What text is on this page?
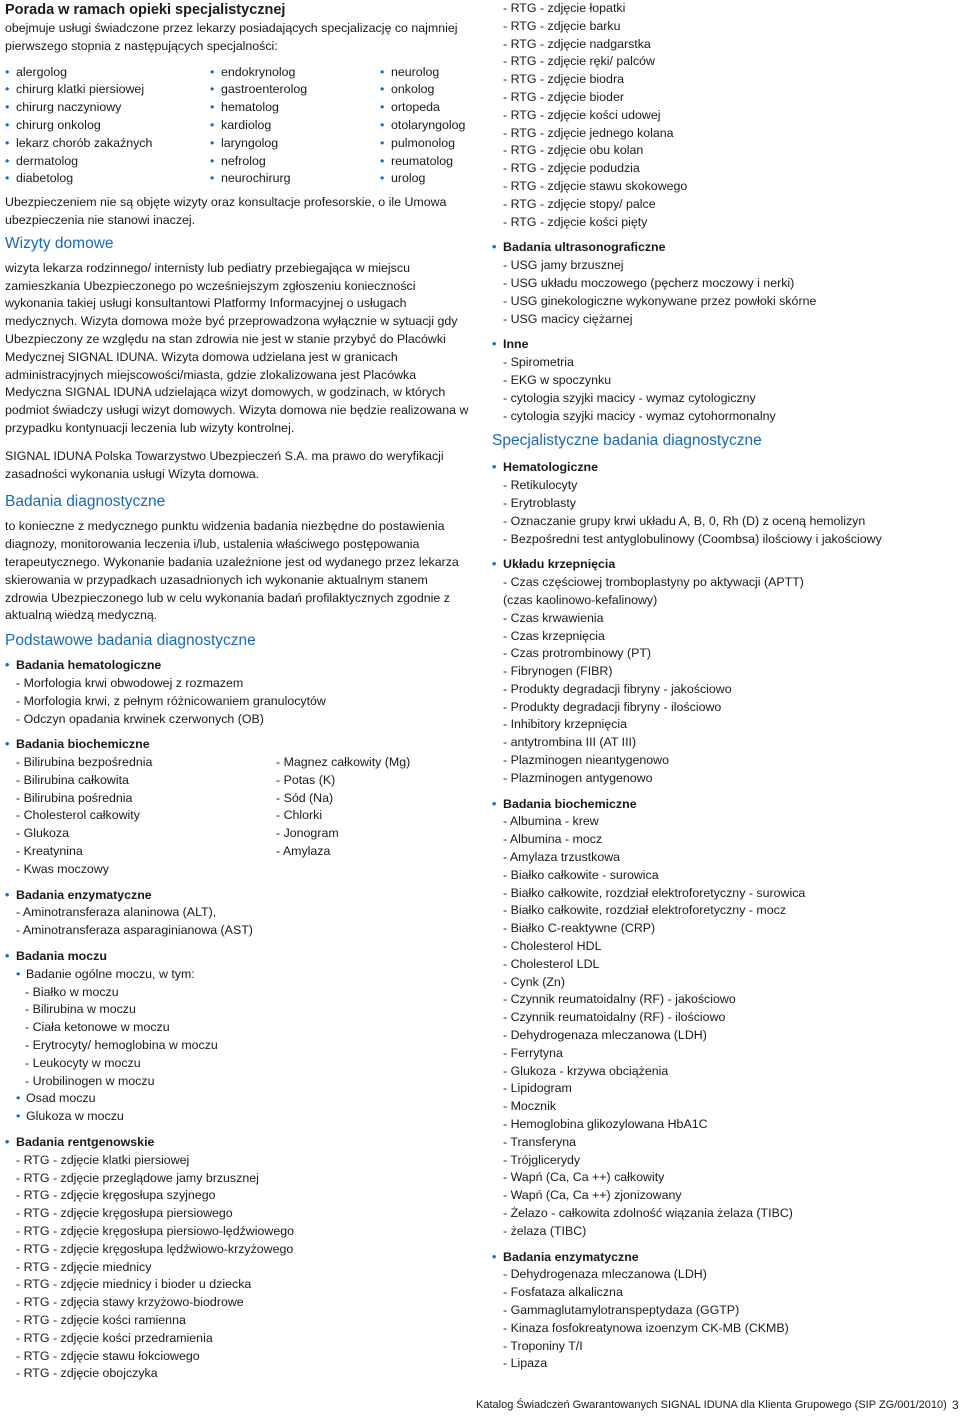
Porada w ramach opieki specjalistycznej

obejmuje usługi świadczone przez lekarzy posiadających specjalizację co najmniej pierwszego stopnia z następujących specjalności:

• alergolog
• chirurg klatki piersiowej
• chirurg naczyniowy
• chirurg onkolog
• lekarz chorób zakaźnych
• dermatolog
• diabetolog
• endokrynolog
• gastroenterolog
• hematolog
• kardiolog
• laryngolog
• nefrolog
• neurochirurg
• neurolog
• onkolog
• ortopeda
• otolaryngolog
• pulmonolog
• reumatolog
• urolog

Ubezpieczeniem nie są objęte wizyty oraz konsultacje profesorskie, o ile Umowa ubezpieczenia nie stanowi inaczej.

Wizyty domowe

wizyta lekarza rodzinnego/ internisty lub pediatry przebiegająca w miejscu zamieszkania Ubezpieczonego po wcześniejszym zgłoszeniu konieczności wykonania takiej usługi konsultantowi Platformy Informacyjnej o usługach medycznych. Wizyta domowa może być przeprowadzona wyłącznie w sytuacji gdy Ubezpieczony ze względu na stan zdrowia nie jest w stanie przybyć do Placówki Medycznej SIGNAL IDUNA. Wizyta domowa udzielana jest w granicach administracyjnych miejscowości/miasta, gdzie zlokalizowana jest Placówka Medyczna SIGNAL IDUNA udzielająca wizyt domowych, w godzinach, w których podmiot świadczy usługi wizyt domowych. Wizyta domowa nie będzie realizowana w przypadku kontynuacji leczenia lub wizyty kontrolnej.

SIGNAL IDUNA Polska Towarzystwo Ubezpieczeń S.A. ma prawo do weryfikacji zasadności wykonania usługi Wizyta domowa.

Badania diagnostyczne

to konieczne z medycznego punktu widzenia badania niezbędne do postawienia diagnozy, monitorowania leczenia i/lub, ustalenia właściwego postępowania terapeutycznego. Wykonanie badania uzależnione jest od wydanego przez lekarza skierowania w przypadkach uzasadnionych ich wykonanie aktualnym stanem zdrowia Ubezpieczonego lub w celu wykonania badań profilaktycznych zgodnie z aktualną wiedzą medyczną.

Podstawowe badania diagnostyczne
• Badania hematologiczne
- Morfologia krwi obwodowej z rozmazem
- Morfologia krwi, z pełnym różnicowaniem granulocytów
- Odczyn opadania krwinek czerwonych (OB)
• Badania biochemiczne
- Bilirubina bezpośrednia
- Bilirubina całkowita
- Bilirubina pośrednia
- Cholesterol całkowity
- Glukoza
- Kreatynina
- Kwas moczowy
- Magnez całkowity (Mg)
- Potas (K)
- Sód (Na)
- Chlorki
- Jonogram
- Amylaza
• Badania enzymatyczne
- Aminotransferaza alaninowa (ALT),
- Aminotransferaza asparaginianowa (AST)
• Badania moczu
• Badanie ogólne moczu, w tym:
- Białko w moczu
- Bilirubina w moczu
- Ciała ketonowe w moczu
- Erytrocyty/ hemoglobina w moczu
- Leukocyty w moczu
- Urobilinogen w moczu
• Osad moczu
• Glukoza w moczu
• Badania rentgenowskie
- RTG - zdjęcie klatki piersiowej
- RTG - zdjęcie przeglądowe jamy brzusznej
- RTG - zdjęcie kręgosłupa szyjnego
- RTG - zdjęcie kręgosłupa piersiowego
- RTG - zdjęcie kręgosłupa piersiowo-lędźwiowego
- RTG - zdjęcie kręgosłupa lędźwiowo-krzyżowego
- RTG - zdjęcie miednicy
- RTG - zdjęcie miednicy i bioder u dziecka
- RTG - zdjęcia stawy krzyżowo-biodrowe
- RTG - zdjęcie kości ramienna
- RTG - zdjęcie kości przedramienia
- RTG - zdjęcie stawu łokciowego
- RTG - zdjęcie obojczyka
- RTG - zdjęcie łopatki
- RTG - zdjęcie barku
- RTG - zdjęcie nadgarstka
- RTG - zdjęcie ręki/ palców
- RTG - zdjęcie biodra
- RTG - zdjęcie bioder
- RTG - zdjęcie kości udowej
- RTG - zdjęcie jednego kolana
- RTG - zdjęcie obu kolan
- RTG - zdjęcie podudzia
- RTG - zdjęcie stawu skokowego
- RTG - zdjęcie stopy/ palce
- RTG - zdjęcie kości pięty
• Badania ultrasonograficzne
- USG jamy brzusznej
- USG układu moczowego (pęcherz moczowy i nerki)
- USG ginekologiczne wykonywane przez powłoki skórne
- USG macicy ciężarnej
• Inne
- Spirometria
- EKG w spoczynku
- cytologia szyjki macicy - wymaz cytologiczny
- cytologia szyjki macicy - wymaz cytohormonalny
Specjalistyczne badania diagnostyczne
• Hematologiczne
- Retikulocyty
- Erytroblasty
- Oznaczanie grupy krwi układu A, B, 0, Rh (D) z oceną hemolizyn
- Bezpośredni test antyglobulinowy (Coombsa) ilościowy i jakościowy
• Układu krzepnięcia
- Czas częściowej tromboplastyny po aktywacji (APTT)
(czas kaolinowo-kefalinowy)
- Czas krwawienia
- Czas krzepnięcia
- Czas protrombinowy (PT)
- Fibrynogen (FIBR)
- Produkty degradacji fibryny - jakościowo
- Produkty degradacji fibryny - ilościowo
- Inhibitory krzepnięcia
- antytrombina III (AT III)
- Plazminogen nieantygenowo
- Plazminogen antygenowo
• Badania biochemiczne
- Albumina - krew
- Albumina - mocz
- Amylaza trzustkowa
- Białko całkowite - surowica
- Białko całkowite, rozdział elektroforetyczny - surowica
- Białko całkowite, rozdział elektroforetyczny - mocz
- Białko C-reaktywne (CRP)
- Cholesterol HDL
- Cholesterol LDL
- Cynk (Zn)
- Czynnik reumatoidalny (RF) - jakościowo
- Czynnik reumatoidalny (RF) - ilościowo
- Dehydrogenaza mleczanowa (LDH)
- Ferrytyna
- Glukoza - krzywa obciążenia
- Lipidogram
- Mocznik
- Hemoglobina glikozylowana HbA1C
- Transferyna
- Trójglicerydy
- Wapń (Ca, Ca ++) całkowity
- Wapń (Ca, Ca ++) zjonizowany
- Żelazo - całkowita zdolność wiązania żelaza (TIBC)
- żelaza (TIBC)
• Badania enzymatyczne
- Dehydrogenaza mleczanowa (LDH)
- Fosfataza alkaliczna
- Gammaglutamylotranspeptydaza (GGTP)
- Kinaza fosfokreatynowa izoenzym CK-MB (CKMB)
- Troponiny T/I
- Lipaza
Katalog Świadczeń Gwarantowanych SIGNAL IDUNA dla Klienta Grupowego (SIP ZG/001/2010) 3
